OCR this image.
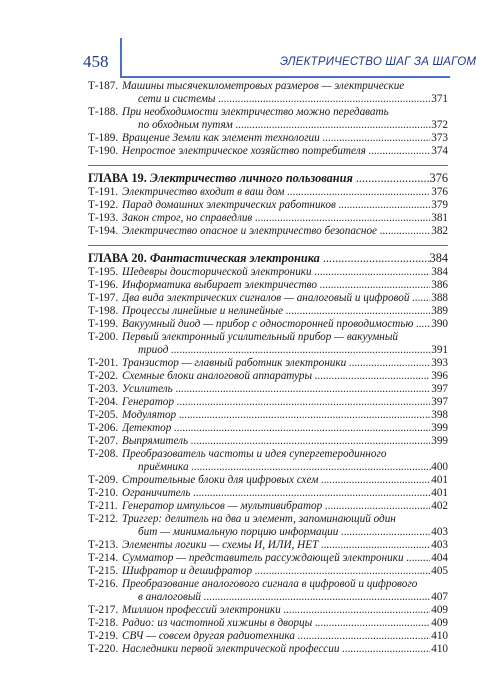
458	ЭЛЕКТРИЧЕСТВО ШАГ ЗА ШАГОМ
Т-187. Машины тысячекилометровых размеров — электрические
сети и системы .....	371
Т-188. При необходимости электричество можно передавать
по обходным путям .....	372
Т-189. Вращение Земли как элемент технологии .....	373
Т-190. Непростое электрическое хозяйство потребителя .....	374
ГЛАВА 19. Электричество личного пользования .....	376
Т-191. Электричество входит в ваш дом .....	376
Т-192. Парад домашних электрических работников .....	379
Т-193. Закон строг, но справедлив .....	381
Т-194. Электричество опасное и электричество безопасное .....	382
ГЛАВА 20. Фантастическая электроника .....	384
Т-195. Шедевры доисторической электроники .....	384
Т-196. Информатика выбирает электричество .....	386
Т-197. Два вида электрических сигналов — аналоговый и цифровой .....	388
Т-198. Процессы линейные и нелинейные .....	389
Т-199. Вакуумный диод — прибор с односторонней проводимостью .....	390
Т-200. Первый электронный усилительный прибор — вакуумный
триод .....	391
Т-201. Транзистор — главный работник электроники .....	393
Т-202. Схемные блоки аналоговой аппаратуры .....	396
Т-203. Усилитель .....	397
Т-204. Генератор .....	397
Т-205. Модулятор .....	398
Т-206. Детектор .....	399
Т-207. Выпрямитель .....	399
Т-208. Преобразователь частоты и идея супергетеродинного
приёмника .....	400
Т-209. Строительные блоки для цифровых схем .....	401
Т-210. Ограничитель .....	401
Т-211. Генератор импульсов — мультивибратор .....	402
Т-212. Триггер: делитель на два и элемент, запоминающий один
бит — минимальную порцию информации .....	403
Т-213. Элементы логики — схемы И, ИЛИ, НЕТ .....	403
Т-214. Сумматор — представитель рассуждающей электроники .....	404
Т-215. Шифратор и дешифратор .....	405
Т-216. Преобразование аналогового сигнала в цифровой и цифрового
в аналоговый .....	407
Т-217. Миллион профессий электроники .....	409
Т-218. Радио: из частотной хижины в дворцы .....	409
Т-219. СВЧ — совсем другая радиотехника .....	410
Т-220. Наследники первой электрической профессии .....	410
